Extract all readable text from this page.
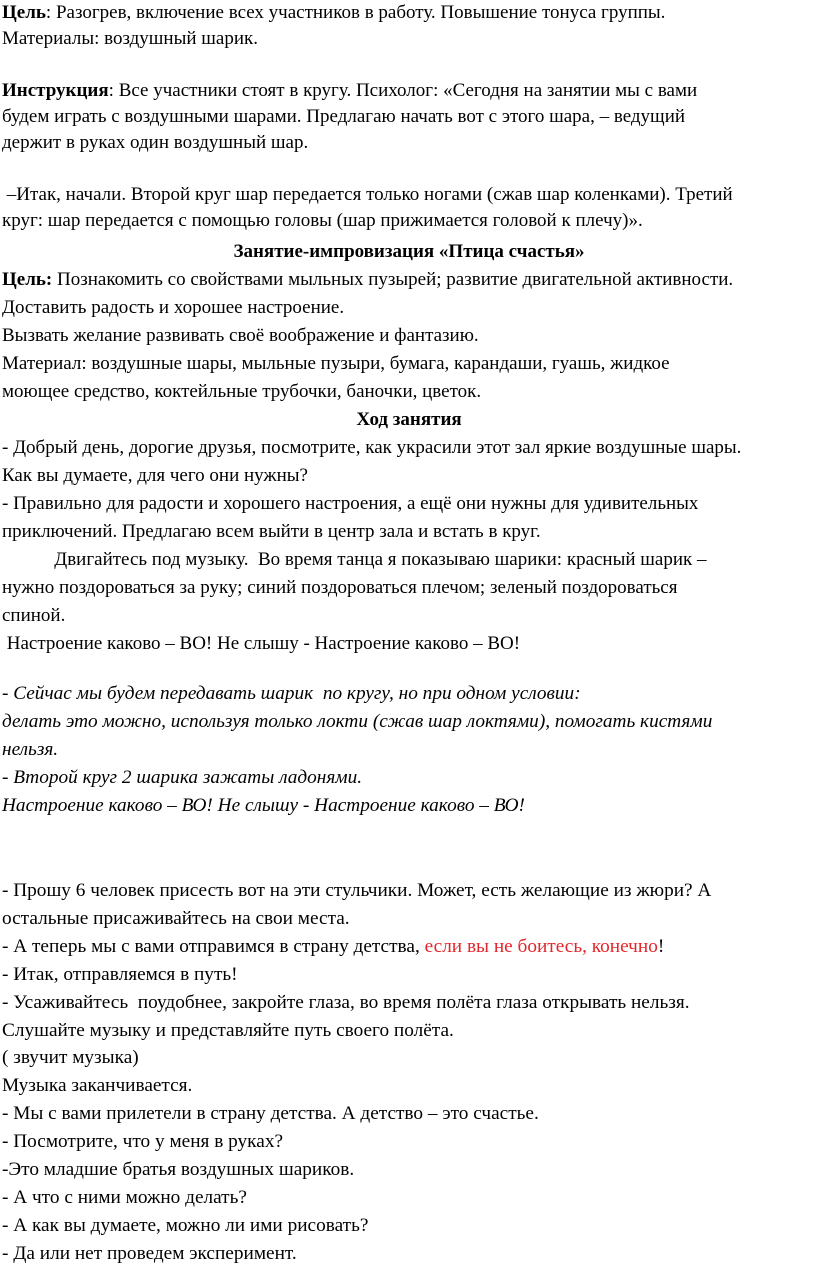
Цель: Разогрев, включение всех участников в работу. Повышение тонуса группы.

Материалы: воздушный шарик.

Инструкция: Все участники стоят в кругу. Психолог: «Сегодня на занятии мы с вами

будем играть с воздушными шарами. Предлагаю начать вот с этого шара, – ведущий

держит в руках один воздушный шар.

–Итак, начали. Второй круг шар передается только ногами (сжав шар коленками). Третий

круг: шар передается с помощью головы (шар прижимается головой к плечу)».

Занятие-импровизация «Птица счастья»

Цель: Познакомить со свойствами мыльных пузырей; развитие двигательной активности.

Доставить радость и хорошее настроение.

Вызвать желание развивать своё воображение и фантазию.

Материал: воздушные шары, мыльные пузыри, бумага, карандаши, гуашь, жидкое

моющее средство, коктейльные трубочки, баночки, цветок.

Ход занятия

- Добрый день, дорогие друзья, посмотрите, как украсили этот зал яркие воздушные шары.

Как вы думаете, для чего они нужны?

- Правильно для радости и хорошего настроения, а ещё они нужны для удивительных

приключений. Предлагаю всем выйти в центр зала и встать в круг.

Двигайтесь под музыку.  Во время танца я показываю шарики: красный шарик –

нужно поздороваться за руку; синий поздороваться плечом; зеленый поздороваться

спиной.

Настроение каково – ВО! Не слышу - Настроение каково – ВО!

- Сейчас мы будем передавать шарик  по кругу, но при одном условии:

делать это можно, используя только локти (сжав шар локтями), помогать кистями

нельзя.

- Второй круг 2 шарика зажаты ладонями.

Настроение каково – ВО! Не слышу - Настроение каково – ВО!

- Прошу 6 человек присесть вот на эти стульчики. Может, есть желающие из жюри? А

остальные присаживайтесь на свои места.

- А теперь мы с вами отправимся в страну детства, если вы не боитесь, конечно!

- Итак, отправляемся в путь!

- Усаживайтесь  поудобнее, закройте глаза, во время полёта глаза открывать нельзя.

Слушайте музыку и представляйте путь своего полёта.

( звучит музыка)

Музыка заканчивается.

- Мы с вами прилетели в страну детства. А детство – это счастье.

- Посмотрите, что у меня в руках?

-Это младшие братья воздушных шариков.

- А что с ними можно делать?

- А как вы думаете, можно ли ими рисовать?

- Да или нет проведем эксперимент.
